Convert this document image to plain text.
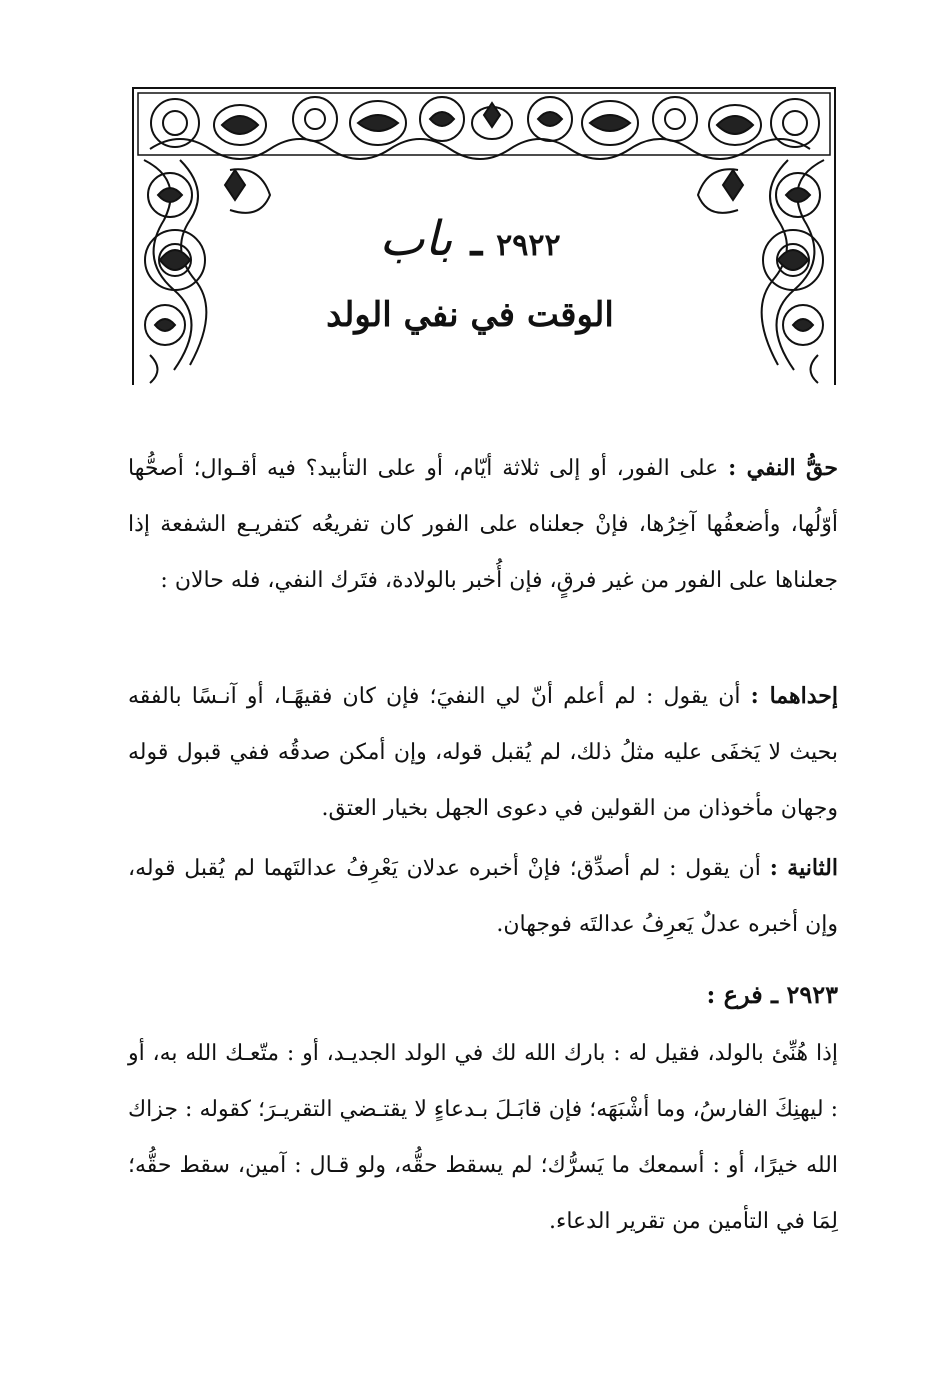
٢٩٢٢ ـ باب
الوقت في نفي الولد

حقُّ النفي : على الفور، أو إلى ثلاثة أيّام، أو على التأبيد؟ فيه أقـوال؛ أصحُّها أوّلُها، وأضعفُها آخِرُها، فإنْ جعلناه على الفور كان تفريعُه كتفريـع الشفعة إذا جعلناها على الفور من غير فرقٍ، فإن أُخبر بالولادة، فتَرك النفي، فله حالان :

إحداهما : أن يقول : لم أعلم أنّ لي النفيَ؛ فإن كان فقيهًـا، أو آنـسًا بالفقه بحيث لا يَخفَى عليه مثلُ ذلك، لم يُقبل قوله، وإن أمكن صدقُه ففي قبول قوله وجهان مأخوذان من القولين في دعوى الجهل بخيار العتق.

الثانية : أن يقول : لم أصدِّق؛ فإنْ أخبره عدلان يَعْرِفُ عدالتَهما لم يُقبل قوله، وإن أخبره عدلٌ يَعرِفُ عدالتَه فوجهان.

٢٩٢٣ ـ فرع :

إذا هُنِّئ بالولد، فقيل له : بارك الله لك في الولد الجديـد، أو : متّعـك الله به، أو : ليهنِكَ الفارسُ، وما أشْبَهَه؛ فإن قابَـلَ بـدعاءٍ لا يقتـضي التقريـرَ؛ كقوله : جزاك الله خيرًا، أو : أسمعك ما يَسرُّك؛ لم يسقط حقُّه، ولو قـال : آمين، سقط حقُّه؛ لِمَا في التأمين من تقرير الدعاء.
